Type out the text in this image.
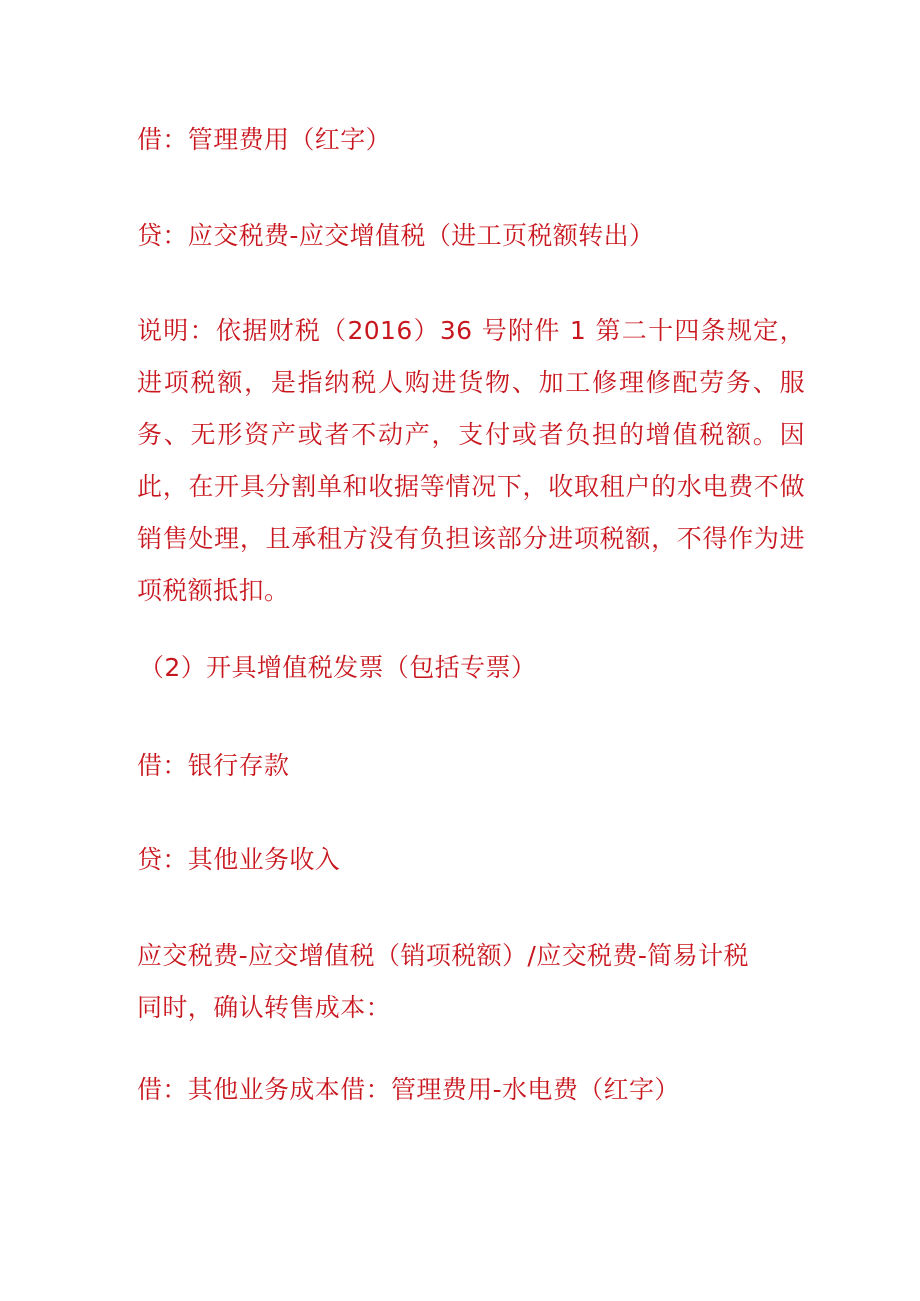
借：管理费用（红字）
贷：应交税费-应交增值税（进工页税额转出）
说明：依据财税（2016）36 号附件 1 第二十四条规定，进项税额，是指纳税人购进货物、加工修理修配劳务、服务、无形资产或者不动产，支付或者负担的增值税额。因此，在开具分割单和收据等情况下，收取租户的水电费不做销售处理，且承租方没有负担该部分进项税额，不得作为进项税额抵扣。
（2）开具增值税发票（包括专票）
借：银行存款
贷：其他业务收入
应交税费-应交增值税（销项税额）/应交税费-简易计税
同时，确认转售成本：
借：其他业务成本借：管理费用-水电费（红字）
